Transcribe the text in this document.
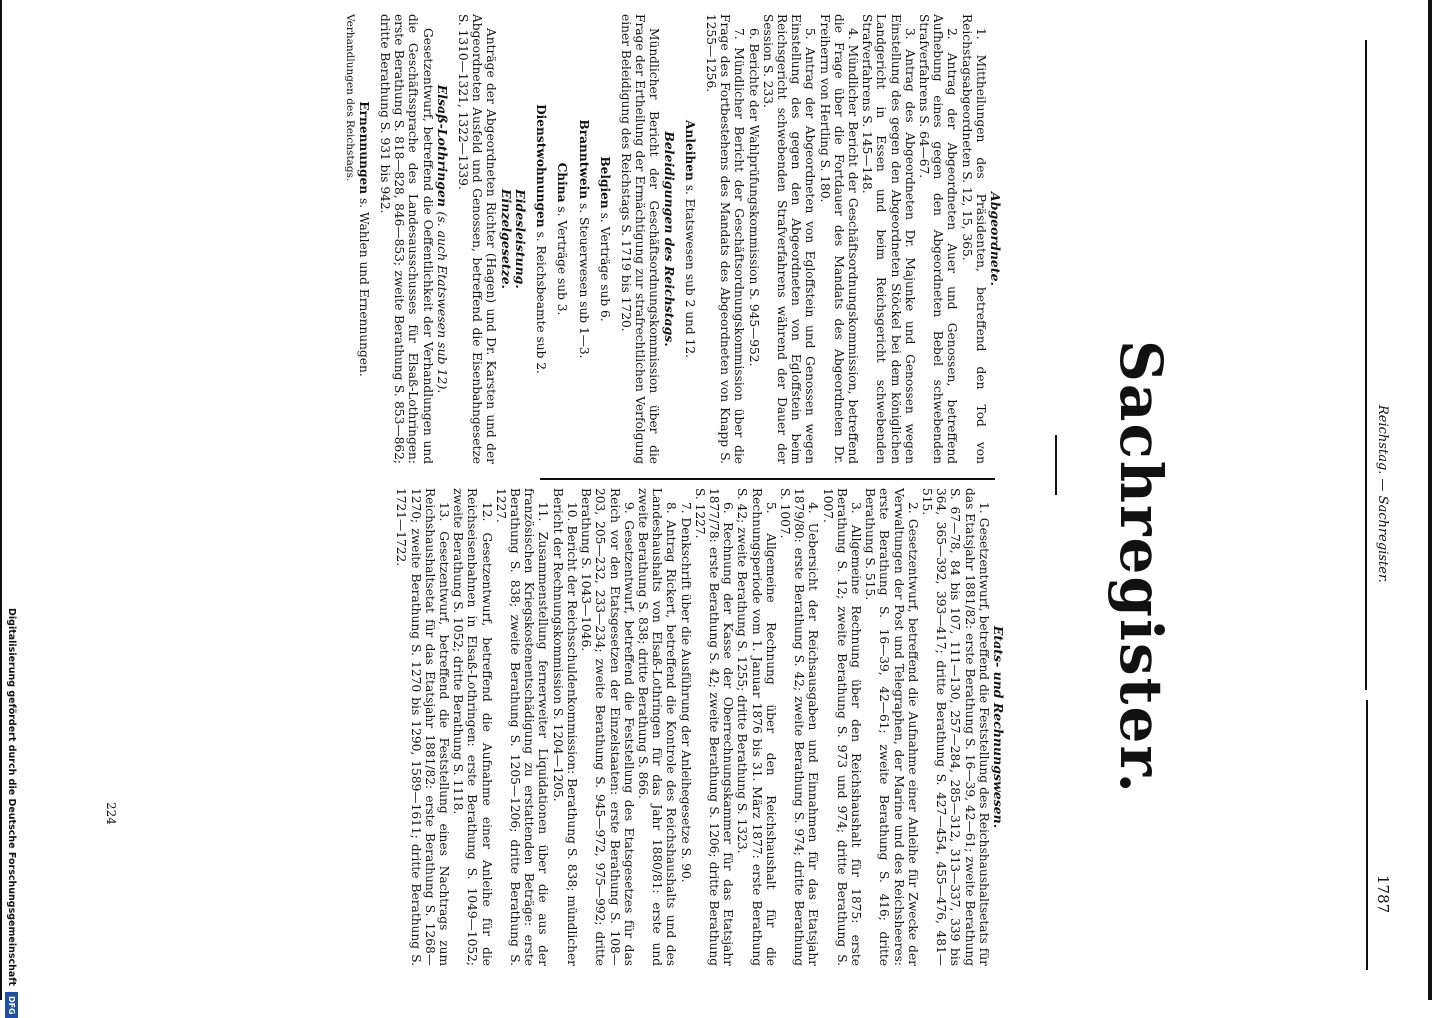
Reichstag. — Sachregister.
1787
Sachregister.

Etats- und Rechnungswesen.

1. Gesetzentwurf, betreffend die Feststellung des Reichshaushaltsetats für das Etatsjahr 1881/82: erste Berathung S. 16—39, 42—61; zweite Berathung S. 67—78, 84 bis 107, 111—130, 257—284, 285—312, 313—337, 339 bis 364, 365—392, 393—417; dritte Berathung S. 427—454, 455—476, 481—515.

2. Gesetzentwurf, betreffend die Aufnahme einer Anleihe für Zwecke der Verwaltungen der Post und Telegraphen, der Marine und des Reichsheeres: erste Berathung S. 16—39, 42—61; zweite Berathung S. 416; dritte Berathung S. 515.

3. Allgemeine Rechnung über den Reichshaushalt für 1875: erste Berathung S. 12; zweite Berathung S. 973 und 974; dritte Berathung S. 1007.

4. Uebersicht der Reichsausgaben und Einnahmen für das Etatsjahr 1879/80: erste Berathung S. 42; zweite Berathung S. 974; dritte Berathung S. 1007.

5. Allgemeine Rechnung über den Reichshaushalt für die Rechnungsperiode vom 1. Januar 1876 bis 31. März 1877: erste Berathung S. 42; zweite Berathung S. 1255; dritte Berathung S. 1323.

6. Rechnung der Kasse der Oberrechnungskammer für das Etatsjahr 1877/78: erste Berathung S. 42; zweite Berathung S. 1206; dritte Berathung S. 1227.

7. Denkschrift über die Ausführung der Anleihegesetze S. 90.

8. Antrag Rickert, betreffend die Kontrole des Reichshaushalts und des Landeshaushalts von Elsaß-Lothringen für das Jahr 1880/81: erste und zweite Berathung S. 838; dritte Berathung S. 866.

9. Gesetzentwurf, betreffend die Feststellung des Etatsgesetzes für das Reich vor den Etatsgesetzen der Einzelstaaten: erste Berathung S. 108—203, 205—232, 233—234; zweite Berathung S. 945—972, 975—992; dritte Berathung S. 1043—1046.

10. Bericht der Reichsschuldenkommission: Berathung S. 838; mündlicher Bericht der Rechnungskommission S. 1204—1205.

11. Zusammenstellung fernerweiter Liquidationen über die aus der französischen Kriegskostenentschädigung zu erstattenden Beträge: erste Berathung S. 838; zweite Berathung S. 1205—1206; dritte Berathung S. 1227.

12. Gesetzentwurf, betreffend die Aufnahme einer Anleihe für die Reichseisenbahnen in Elsaß-Lothringen: erste Berathung S. 1049—1052; zweite Berathung S. 1052; dritte Berathung S. 1118.

13. Gesetzentwurf, betreffend die Feststellung eines Nachtrags zum Reichshaushaltsetat für das Etatsjahr 1881/82: erste Berathung S. 1268—1270; zweite Berathung S. 1270 bis 1290, 1589—1611; dritte Berathung S. 1721—1722.

Abgeordnete.

1. Mittheilungen des Präsidenten, betreffend den Tod von Reichstagsabgeordneten S. 12, 15, 365.

2. Antrag der Abgeordneten Auer und Genossen, betreffend Aufhebung eines gegen den Abgeordneten Bebel schwebenden Strafverfahrens S. 64—67.

3. Antrag des Abgeordneten Dr. Majunke und Genossen wegen Einstellung des gegen den Abgeordneten Stöckel bei dem königlichen Landgericht in Essen und beim Reichsgericht schwebenden Strafverfahrens S. 145—148.

4. Mündlicher Bericht der Geschäftsordnungskommission, betreffend die Frage über die Fortdauer des Mandats des Abgeordneten Dr. Freiherrn von Hertling S. 180.

5. Antrag der Abgeordneten von Egloffstein und Genossen wegen Einstellung des gegen den Abgeordneten von Egloffstein beim Reichsgericht schwebenden Strafverfahrens während der Dauer der Session S. 233.

6. Berichte der Wahlprüfungskommission S. 945—952.

7. Mündlicher Bericht der Geschäftsordnungskommission über die Frage des Fortbestehens des Mandats des Abgeordneten von Knapp S. 1255—1256.

Anleihen s. Etatswesen sub 2 und 12.

Beleidigungen des Reichstags.

Mündlicher Bericht der Geschäftsordnungskommission über die Frage der Ertheilung der Ermächtigung zur strafrechtlichen Verfolgung einer Beleidigung des Reichstags S. 1719 bis 1720.

Belgien s. Verträge sub 6.

Branntwein s. Steuerwesen sub 1—3.

China s. Verträge sub 3.

Dienstwohnungen s. Reichsbeamte sub 2.

Eidesleistung.

Einzelgesetze.

Anträge der Abgeordneten Richter (Hagen) und Dr. Karsten und der Abgeordneten Ausfeld und Genossen, betreffend die Eisenbahngesetze S. 1310—1321, 1322—1339.

Elsaß-Lothringen (s. auch Etatswesen sub 12).

Gesetzentwurf, betreffend die Oeffentlichkeit der Verhandlungen und die Geschäftssprache des Landesausschusses für Elsaß-Lothringen: erste Berathung S. 818—828, 846—853; zweite Berathung S. 853—862; dritte Berathung S. 931 bis 942.

Ernennungen s. Wahlen und Ernennungen.

Verhandlungen des Reichstags.

224
Digitalisierung gefördert durch die Deutsche Forschungsgemeinschaft DFG
